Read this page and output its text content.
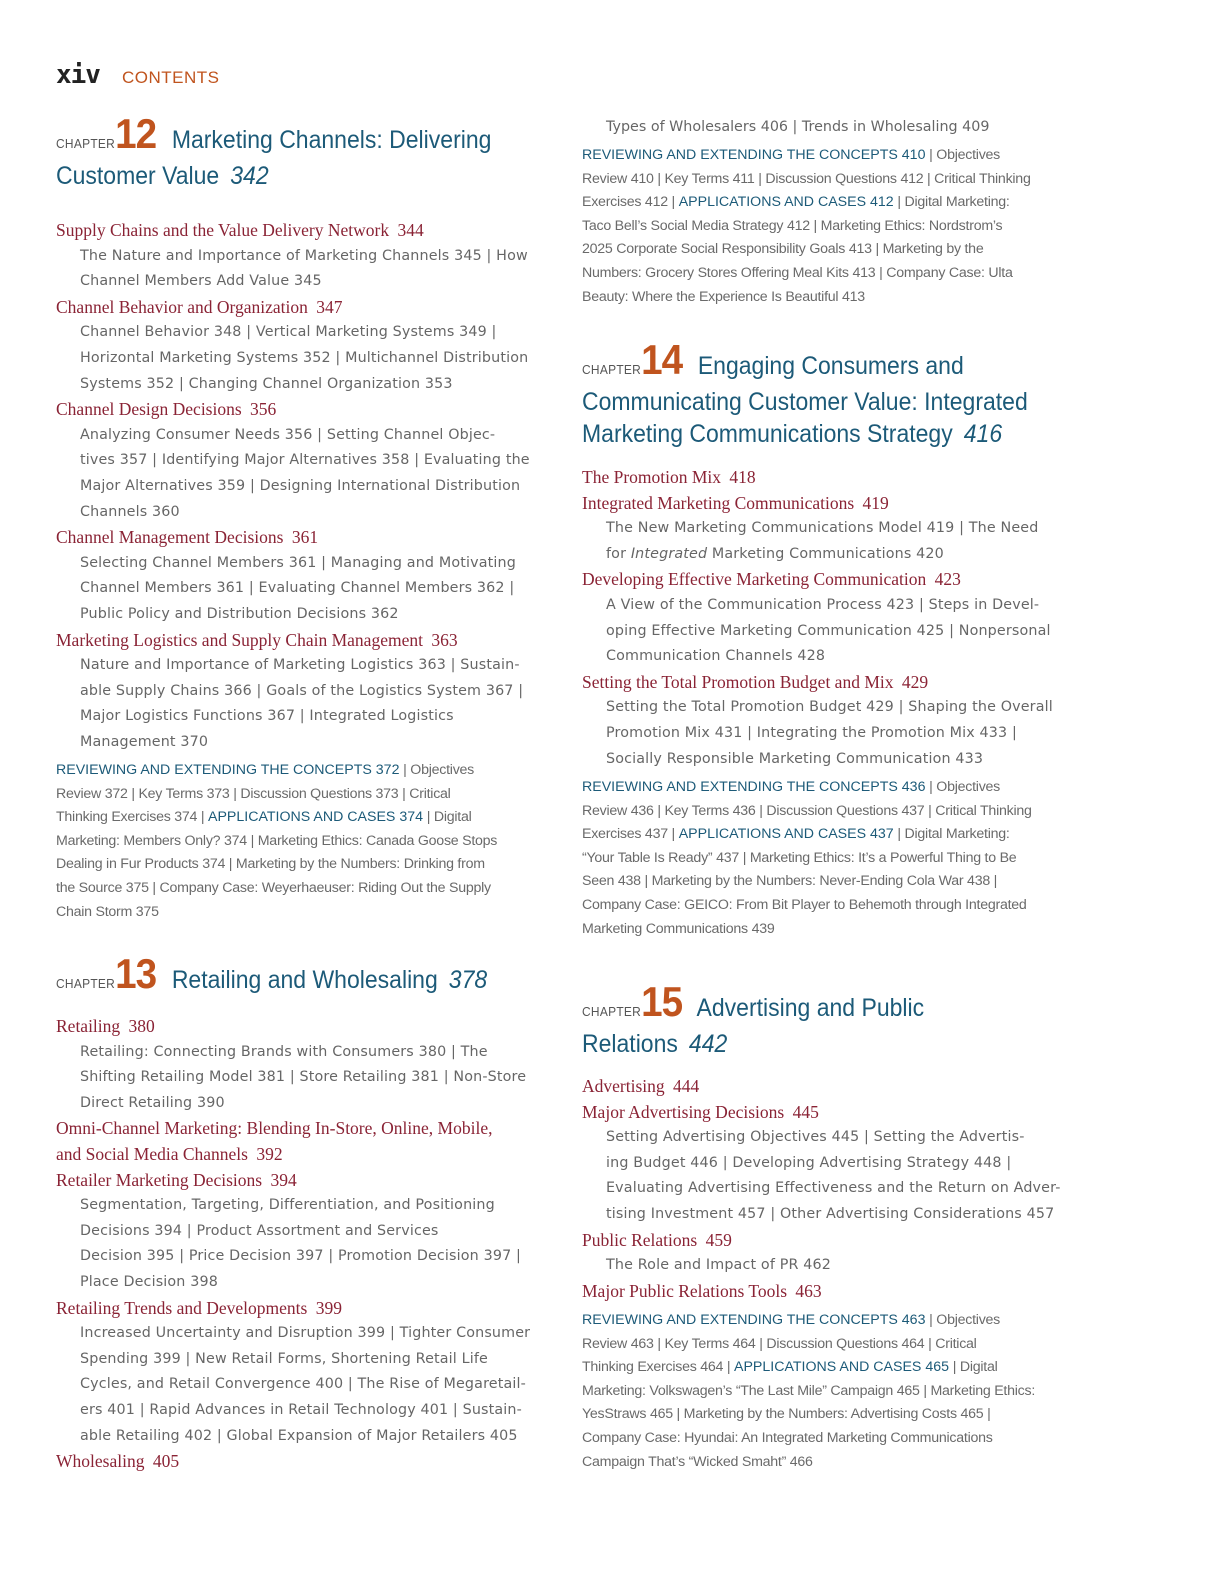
xiv CONTENTS
CHAPTER12 Marketing Channels: Delivering
Customer Value 342
Supply Chains and the Value Delivery Network 344
The Nature and Importance of Marketing Channels 345 | How
Channel Members Add Value 345
Channel Behavior and Organization 347
Channel Behavior 348 | Vertical Marketing Systems 349 |
Horizontal Marketing Systems 352 | Multichannel Distribution
Systems 352 | Changing Channel Organization 353
Channel Design Decisions 356
Analyzing Consumer Needs 356 | Setting Channel Objec-
tives 357 | Identifying Major Alternatives 358 | Evaluating the
Major Alternatives 359 | Designing International Distribution
Channels 360
Channel Management Decisions 361
Selecting Channel Members 361 | Managing and Motivating
Channel Members 361 | Evaluating Channel Members 362 |
Public Policy and Distribution Decisions 362
Marketing Logistics and Supply Chain Management 363
Nature and Importance of Marketing Logistics 363 | Sustain-
able Supply Chains 366 | Goals of the Logistics System 367 |
Major Logistics Functions 367 | Integrated Logistics
Management 370
REVIEWING AND EXTENDING THE CONCEPTS 372 | Objectives
Review 372 | Key Terms 373 | Discussion Questions 373 | Critical
Thinking Exercises 374 | APPLICATIONS AND CASES 374 | Digital
Marketing: Members Only? 374 | Marketing Ethics: Canada Goose Stops
Dealing in Fur Products 374 | Marketing by the Numbers: Drinking from
the Source 375 | Company Case: Weyerhaeuser: Riding Out the Supply
Chain Storm 375
CHAPTER13 Retailing and Wholesaling 378
Retailing 380
Retailing: Connecting Brands with Consumers 380 | The
Shifting Retailing Model 381 | Store Retailing 381 | Non-Store
Direct Retailing 390
Omni-Channel Marketing: Blending In-Store, Online, Mobile,
and Social Media Channels 392
Retailer Marketing Decisions 394
Segmentation, Targeting, Differentiation, and Positioning
Decisions 394 | Product Assortment and Services
Decision 395 | Price Decision 397 | Promotion Decision 397 |
Place Decision 398
Retailing Trends and Developments 399
Increased Uncertainty and Disruption 399 | Tighter Consumer
Spending 399 | New Retail Forms, Shortening Retail Life
Cycles, and Retail Convergence 400 | The Rise of Megaretail-
ers 401 | Rapid Advances in Retail Technology 401 | Sustain-
able Retailing 402 | Global Expansion of Major Retailers 405
Wholesaling 405
Types of Wholesalers 406 | Trends in Wholesaling 409
REVIEWING AND EXTENDING THE CONCEPTS 410 | Objectives
Review 410 | Key Terms 411 | Discussion Questions 412 | Critical Thinking
Exercises 412 | APPLICATIONS AND CASES 412 | Digital Marketing:
Taco Bell’s Social Media Strategy 412 | Marketing Ethics: Nordstrom’s
2025 Corporate Social Responsibility Goals 413 | Marketing by the
Numbers: Grocery Stores Offering Meal Kits 413 | Company Case: Ulta
Beauty: Where the Experience Is Beautiful 413
CHAPTER14 Engaging Consumers and
Communicating Customer Value: Integrated
Marketing Communications Strategy 416
The Promotion Mix 418
Integrated Marketing Communications 419
The New Marketing Communications Model 419 | The Need
for Integrated Marketing Communications 420
Developing Effective Marketing Communication 423
A View of the Communication Process 423 | Steps in Devel-
oping Effective Marketing Communication 425 | Nonpersonal
Communication Channels 428
Setting the Total Promotion Budget and Mix 429
Setting the Total Promotion Budget 429 | Shaping the Overall
Promotion Mix 431 | Integrating the Promotion Mix 433 |
Socially Responsible Marketing Communication 433
REVIEWING AND EXTENDING THE CONCEPTS 436 | Objectives
Review 436 | Key Terms 436 | Discussion Questions 437 | Critical Thinking
Exercises 437 | APPLICATIONS AND CASES 437 | Digital Marketing:
“Your Table Is Ready” 437 | Marketing Ethics: It’s a Powerful Thing to Be
Seen 438 | Marketing by the Numbers: Never-Ending Cola War 438 |
Company Case: GEICO: From Bit Player to Behemoth through Integrated
Marketing Communications 439
CHAPTER15 Advertising and Public
Relations 442
Advertising 444
Major Advertising Decisions 445
Setting Advertising Objectives 445 | Setting the Advertis-
ing Budget 446 | Developing Advertising Strategy 448 |
Evaluating Advertising Effectiveness and the Return on Adver-
tising Investment 457 | Other Advertising Considerations 457
Public Relations 459
The Role and Impact of PR 462
Major Public Relations Tools 463
REVIEWING AND EXTENDING THE CONCEPTS 463 | Objectives
Review 463 | Key Terms 464 | Discussion Questions 464 | Critical
Thinking Exercises 464 | APPLICATIONS AND CASES 465 | Digital
Marketing: Volkswagen’s “The Last Mile” Campaign 465 | Marketing Ethics:
YesStraws 465 | Marketing by the Numbers: Advertising Costs 465 |
Company Case: Hyundai: An Integrated Marketing Communications
Campaign That’s “Wicked Smaht” 466
